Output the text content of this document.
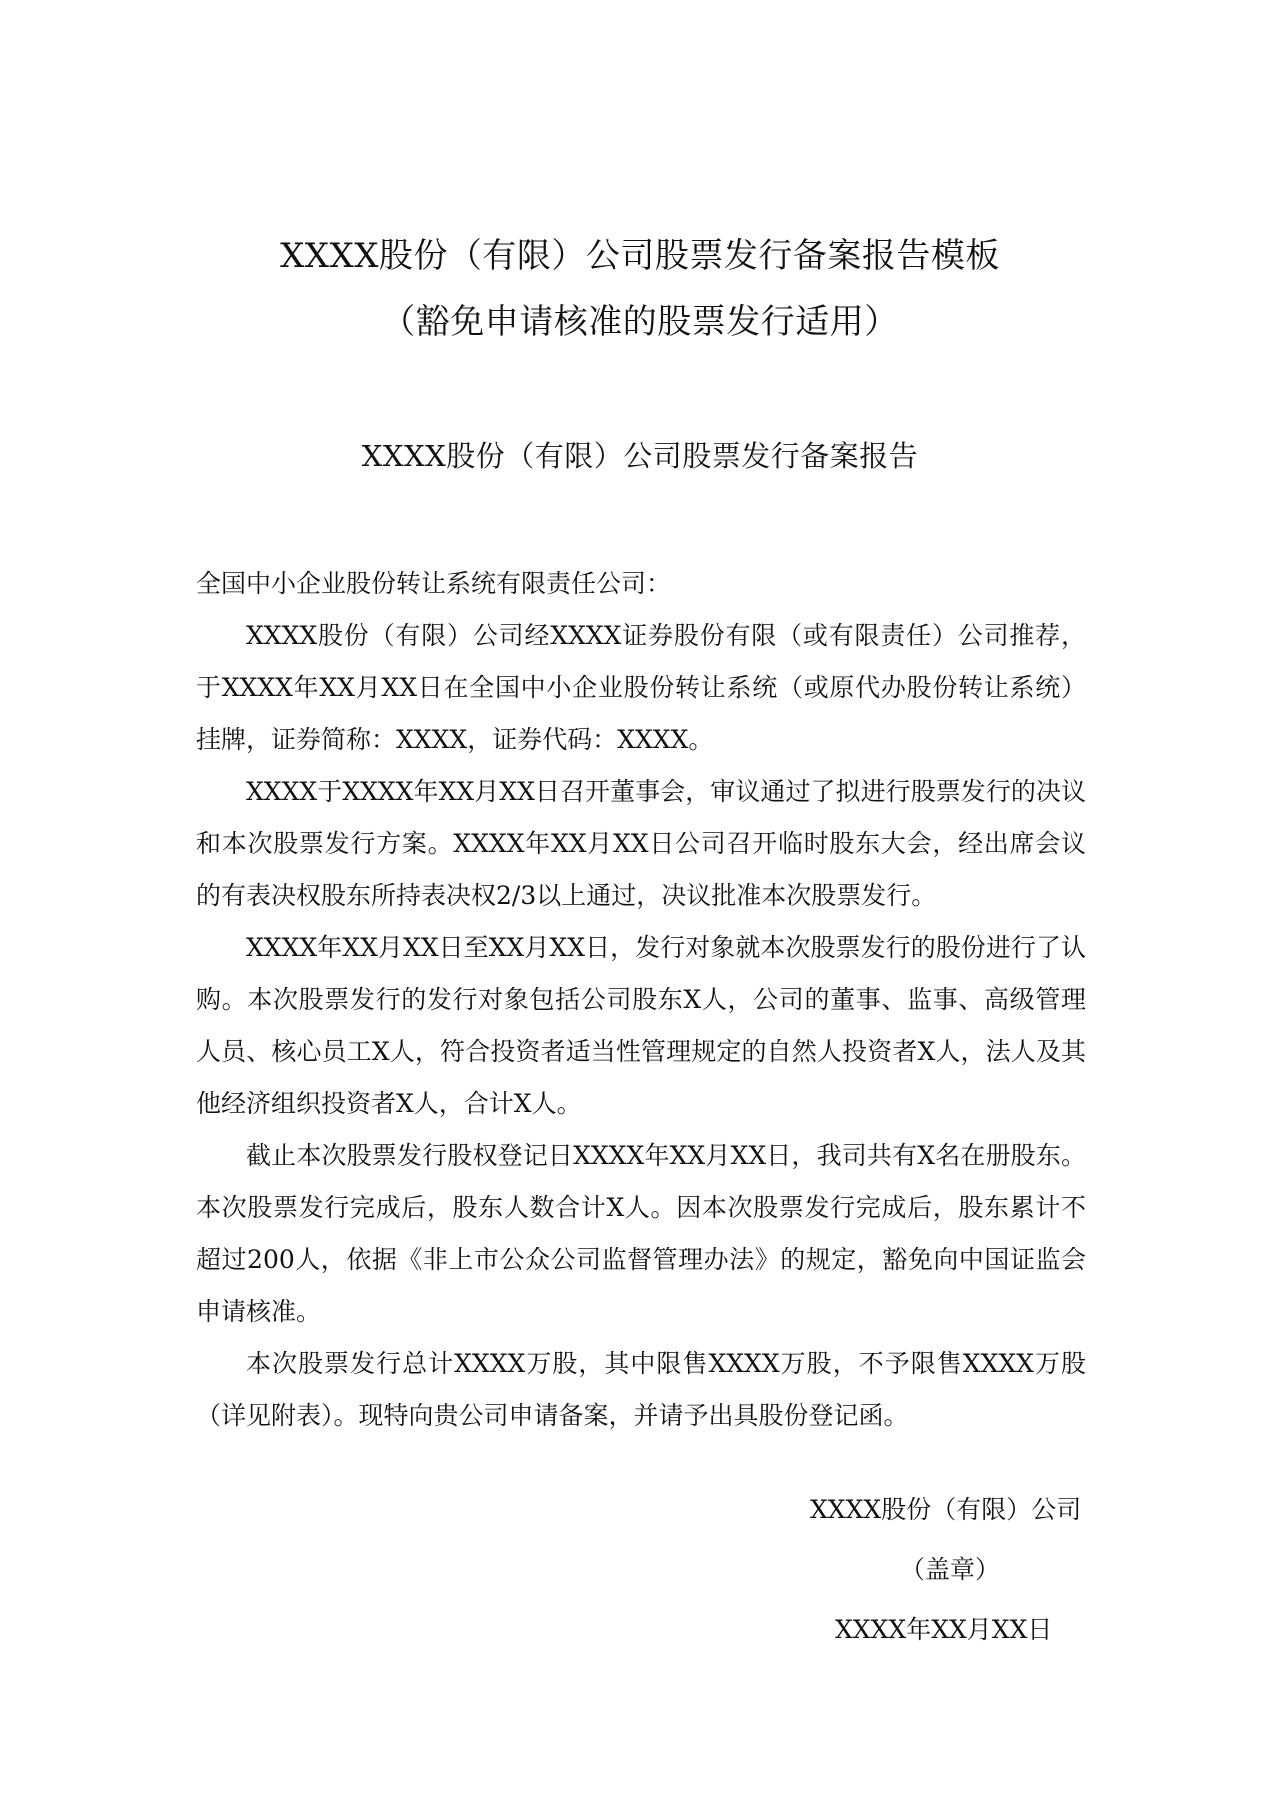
XXXX股份（有限）公司股票发行备案报告模板
（豁免申请核准的股票发行适用）
XXXX股份（有限）公司股票发行备案报告

全国中小企业股份转让系统有限责任公司：

XXXX股份（有限）公司经XXXX证券股份有限（或有限责任）公司推荐，于XXXX年XX月XX日在全国中小企业股份转让系统（或原代办股份转让系统）挂牌，证券简称：XXXX，证券代码：XXXX。

XXXX于XXXX年XX月XX日召开董事会，审议通过了拟进行股票发行的决议和本次股票发行方案。XXXX年XX月XX日公司召开临时股东大会，经出席会议的有表决权股东所持表决权2/3以上通过，决议批准本次股票发行。

XXXX年XX月XX日至XX月XX日，发行对象就本次股票发行的股份进行了认购。本次股票发行的发行对象包括公司股东X人，公司的董事、监事、高级管理人员、核心员工X人，符合投资者适当性管理规定的自然人投资者X人，法人及其他经济组织投资者X人，合计X人。

截止本次股票发行股权登记日XXXX年XX月XX日，我司共有X名在册股东。本次股票发行完成后，股东人数合计X人。因本次股票发行完成后，股东累计不超过200人，依据《非上市公众公司监督管理办法》的规定，豁免向中国证监会申请核准。

本次股票发行总计XXXX万股，其中限售XXXX万股，不予限售XXXX万股（详见附表）。现特向贵公司申请备案，并请予出具股份登记函。

XXXX股份（有限）公司
（盖章）
XXXX年XX月XX日
